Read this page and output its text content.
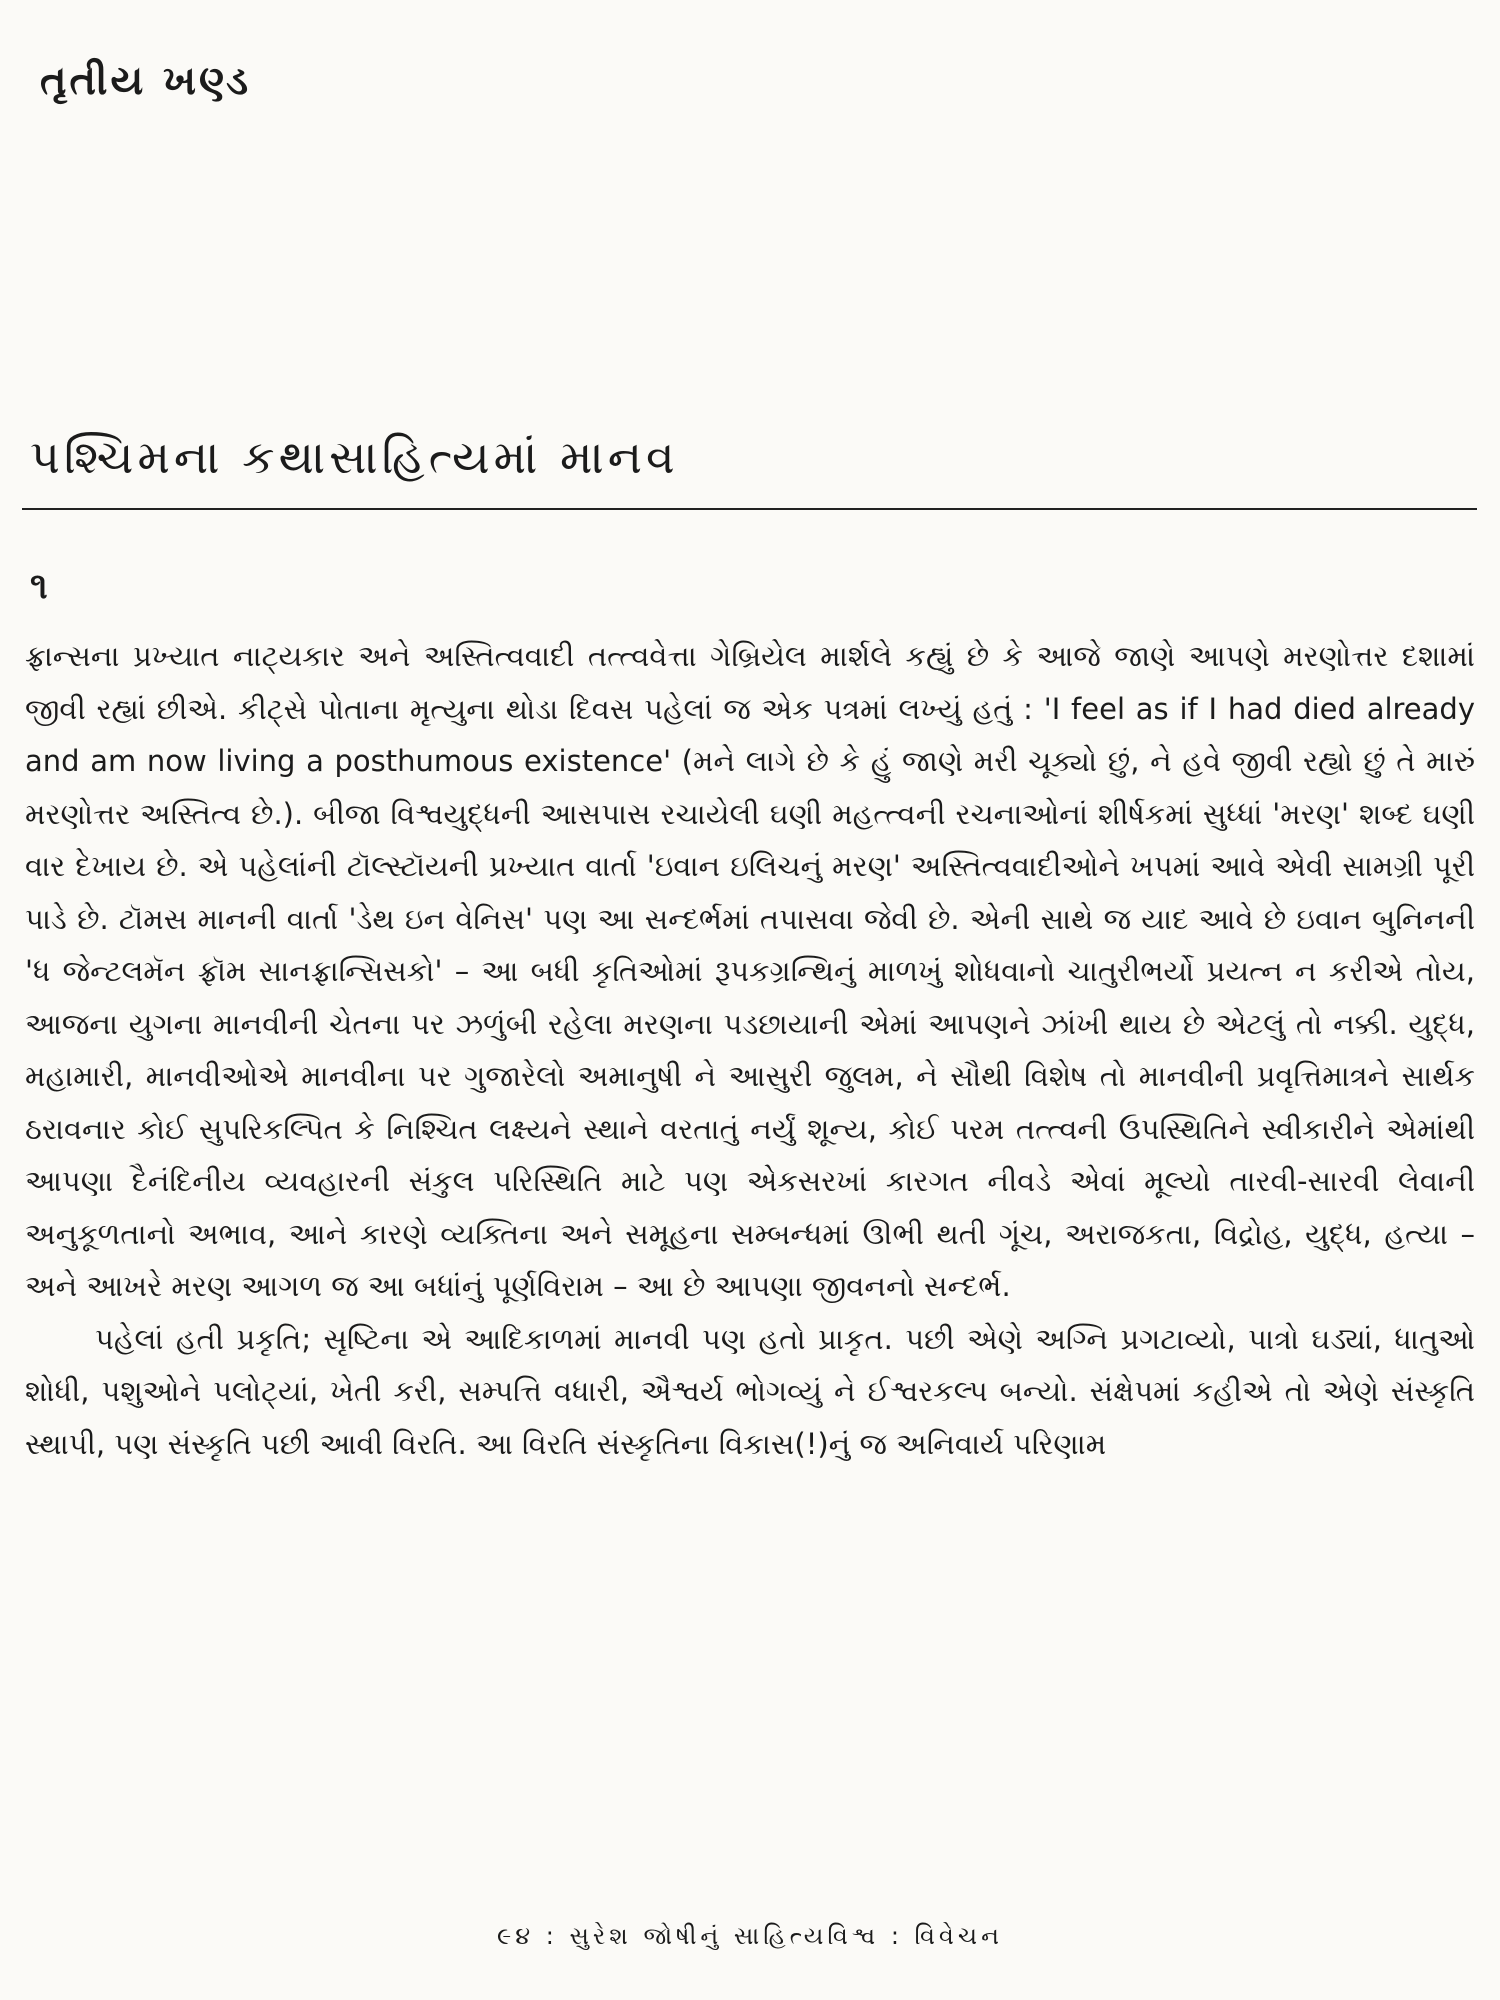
તૃતીય ખણ્ડ
પશ્ચિમના કથાસાહિત્યમાં માનવ
૧

ફ્રાન્સના પ્રખ્યાત નાટ્યકાર અને અસ્તિત્વવાદી તત્ત્વવેત્તા ગેબ્રિયેલ માર્શલે કહ્યું છે કે આજે જાણે આપણે મરણોત્તર દશામાં જીવી રહ્યાં છીએ. કીટ્સે પોતાના મૃત્યુના થોડા દિવસ પહેલાં જ એક પત્રમાં લખ્યું હતું : 'I feel as if I had died already and am now living a posthumous existence' (મને લાગે છે કે હું જાણે મરી ચૂક્યો છું, ને હવે જીવી રહ્યો છું તે મારું મરણોત્તર અસ્તિત્વ છે.). બીજા વિશ્વયુદ્ધની આસપાસ રચાયેલી ઘણી મહત્ત્વની રચનાઓનાં શીર્ષકમાં સુધ્ધાં 'મરણ' શબ્દ ઘણી વાર દેખાય છે. એ પહેલાંની ટૉલ્સ્ટૉયની પ્રખ્યાત વાર્તા 'ઇવાન ઇલિચનું મરણ' અસ્તિત્વવાદીઓને ખપમાં આવે એવી સામગ્રી પૂરી પાડે છે. ટૉમસ માનની વાર્તા 'ડેથ ઇન વેનિસ' પણ આ સન્દર્ભમાં તપાસવા જેવી છે. એની સાથે જ યાદ આવે છે ઇવાન બુનિનની 'ધ જેન્ટલમૅન ફ્રૉમ સાનફ્રાન્સિસકો' – આ બધી કૃતિઓમાં રૂપકગ્રન્થિનું માળખું શોધવાનો ચાતુરીભર્યો પ્રયત્ન ન કરીએ તોય, આજના યુગના માનવીની ચેતના પર ઝળુંબી રહેલા મરણના પડછાયાની એમાં આપણને ઝાંખી થાય છે એટલું તો નક્કી. યુદ્ધ, મહામારી, માનવીઓએ માનવીના પર ગુજારેલો અમાનુષી ને આસુરી જુલમ, ને સૌથી વિશેષ તો માનવીની પ્રવૃત્તિમાત્રને સાર્થક ઠરાવનાર કોઈ સુપરિકલ્પિત કે નિશ્ચિત લક્ષ્યને સ્થાને વરતાતું નર્યું શૂન્ય, કોઈ પરમ તત્ત્વની ઉપસ્થિતિને સ્વીકારીને એમાંથી આપણા દૈનંદિનીય વ્યવહારની સંકુલ પરિસ્થિતિ માટે પણ એકસરખાં કારગત નીવડે એવાં મૂલ્યો તારવી-સારવી લેવાની અનુકૂળતાનો અભાવ, આને કારણે વ્યક્તિના અને સમૂહના સમ્બન્ધમાં ઊભી થતી ગૂંચ, અરાજકતા, વિદ્રોહ, યુદ્ધ, હત્યા – અને આખરે મરણ આગળ જ આ બધાંનું પૂર્ણવિરામ – આ છે આપણા જીવનનો સન્દર્ભ.

પહેલાં હતી પ્રકૃતિ; સૃષ્ટિના એ આદિકાળમાં માનવી પણ હતો પ્રાકૃત. પછી એણે અગ્નિ પ્રગટાવ્યો, પાત્રો ઘડ્યાં, ધાતુઓ શોધી, પશુઓને પલોટ્યાં, ખેતી કરી, સમ્પત્તિ વધારી, ઐશ્વર્ય ભોગવ્યું ને ઈશ્વરકલ્પ બન્યો. સંક્ષેપમાં કહીએ તો એણે સંસ્કૃતિ સ્થાપી, પણ સંસ્કૃતિ પછી આવી વિરતિ. આ વિરતિ સંસ્કૃતિના વિકાસ(!)નું જ અનિવાર્ય પરિણામ

૯૪ : સુરેશ જોષીનું સાહિત્યવિશ્વ : વિવેચન
